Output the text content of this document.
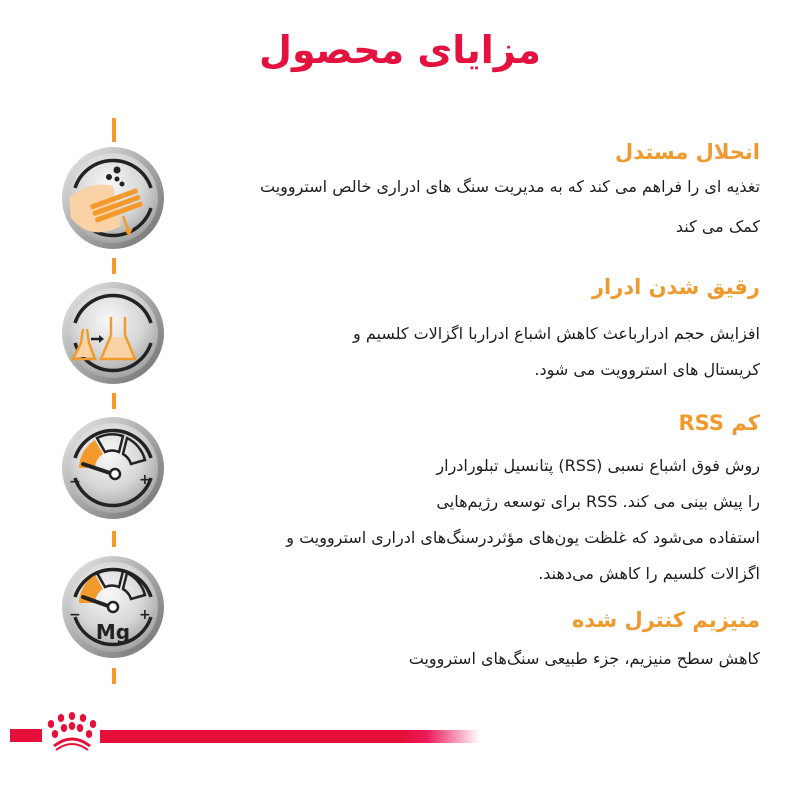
مزایای محصول
−	+
−	+
Mg
انحلال مستدل
تغذیه ای را فراهم می کند که به مدیریت سنگ های ادراری خالص استروویت
کمک می کند
رقیق شدن ادرار
افزایش حجم ادرارباعث کاهش اشباع ادراربا اگزالات کلسیم و
کریستال های استروویت می شود.
کم RSS
روش فوق اشباع نسبی (RSS) پتانسیل تبلورادرار
را پیش بینی می کند. RSS برای توسعه رژیم‌هایی
استفاده می‌شود که غلظت یون‌های مؤثردرسنگ‌های ادراری استروویت و
اگزالات کلسیم را کاهش می‌دهند.
منیزیم کنترل شده
کاهش سطح منیزیم، جزء طبیعی سنگ‌های استروویت
